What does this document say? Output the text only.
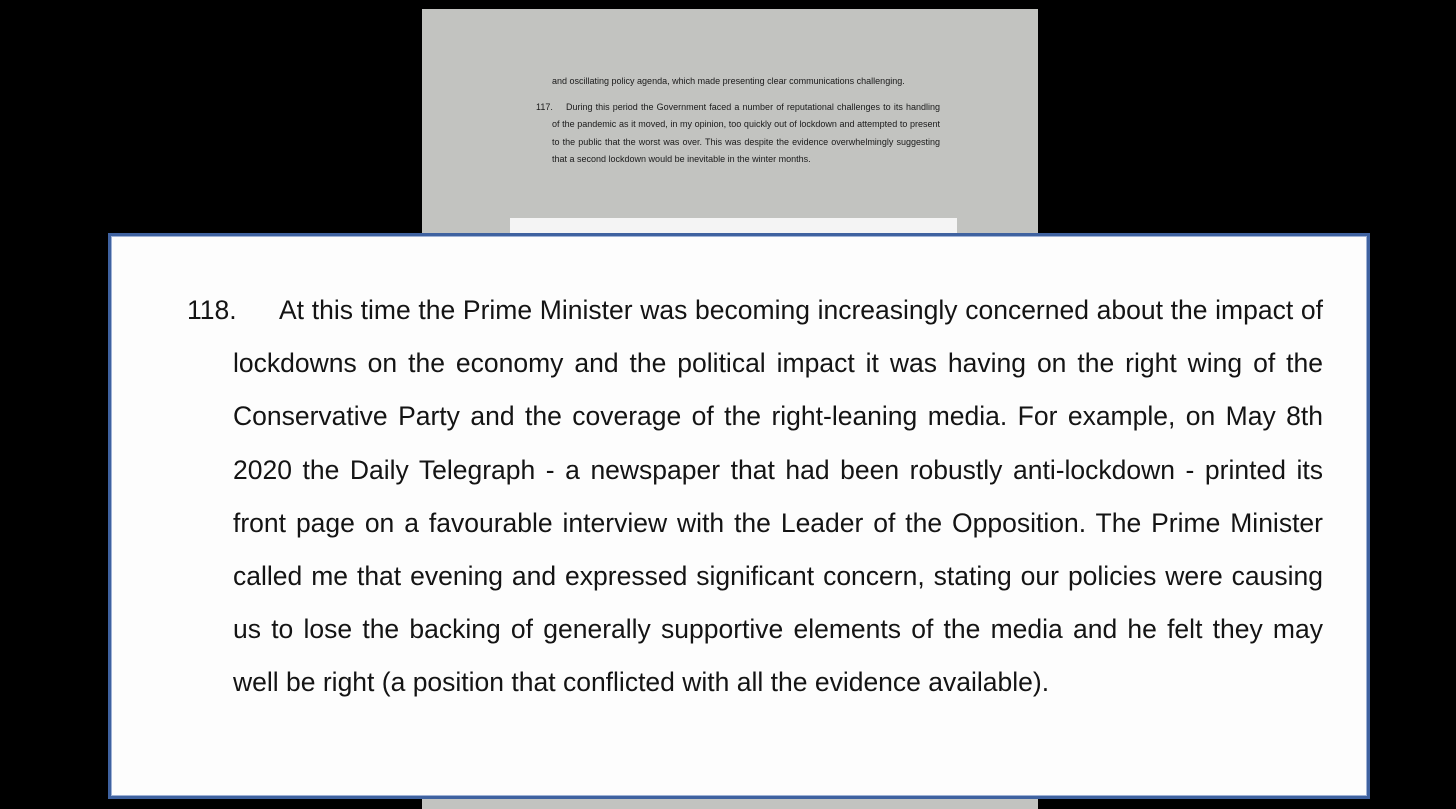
and oscillating policy agenda, which made presenting clear communications challenging.

117. During this period the Government faced a number of reputational challenges to its handling of the pandemic as it moved, in my opinion, too quickly out of lockdown and attempted to present to the public that the worst was over. This was despite the evidence overwhelmingly suggesting that a second lockdown would be inevitable in the winter months.

118. At this time the Prime Minister was becoming increasingly concerned about the impact of lockdowns on the economy and the political impact it was having on the right wing of the Conservative Party and the coverage of the right-leaning media. For example, on May 8th 2020 the Daily Telegraph - a newspaper that had been robustly anti-lockdown - printed its front page on a favourable interview with the Leader of the Opposition. The Prime Minister called me that evening and expressed significant concern, stating our policies were causing us to lose the backing of generally supportive elements of the media and he felt they may well be right (a position that conflicted with all the evidence available).
